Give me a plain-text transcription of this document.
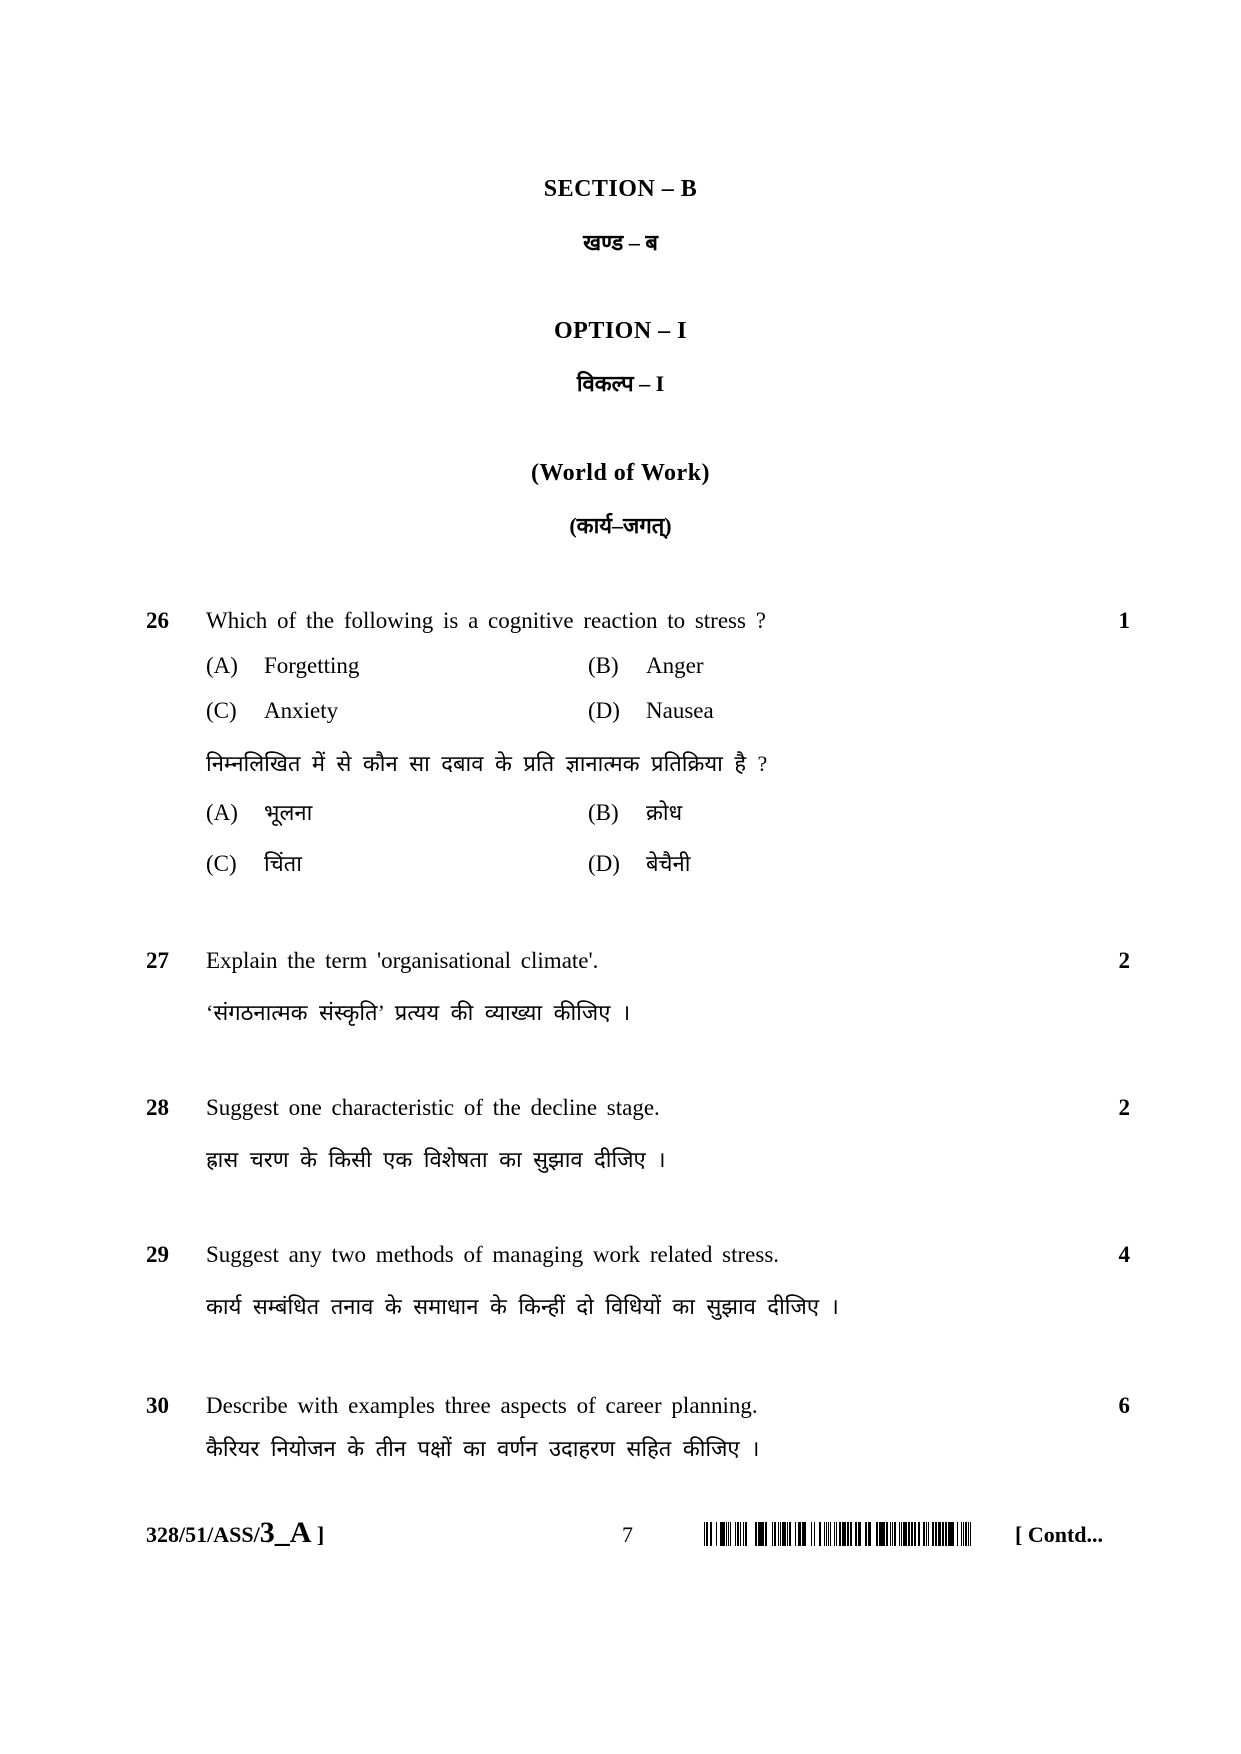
SECTION – B
खण्ड – ब
OPTION – I
विकल्प – I
(World of Work)
(कार्य–जगत्)
26 Which of the following is a cognitive reaction to stress ?	1
(A) Forgetting	(B) Anger
(C) Anxiety	(D) Nausea
निम्नलिखित में से कौन सा दबाव के प्रति ज्ञानात्मक प्रतिक्रिया है ?
(A) भूलना	(B) क्रोध
(C) चिंता	(D) बेचैनी
27 Explain the term 'organisational climate'.	2
‘संगठनात्मक संस्कृति’ प्रत्यय की व्याख्या कीजिए ।
28 Suggest one characteristic of the decline stage.	2
ह्रास चरण के किसी एक विशेषता का सुझाव दीजिए ।
29 Suggest any two methods of managing work related stress.	4
कार्य सम्बंधित तनाव के समाधान के किन्हीं दो विधियों का सुझाव दीजिए ।
30 Describe with examples three aspects of career planning.	6
कैरियर नियोजन के तीन पक्षों का वर्णन उदाहरण सहित कीजिए ।
328/51/ASS/3_A ]	7	[ Contd...
